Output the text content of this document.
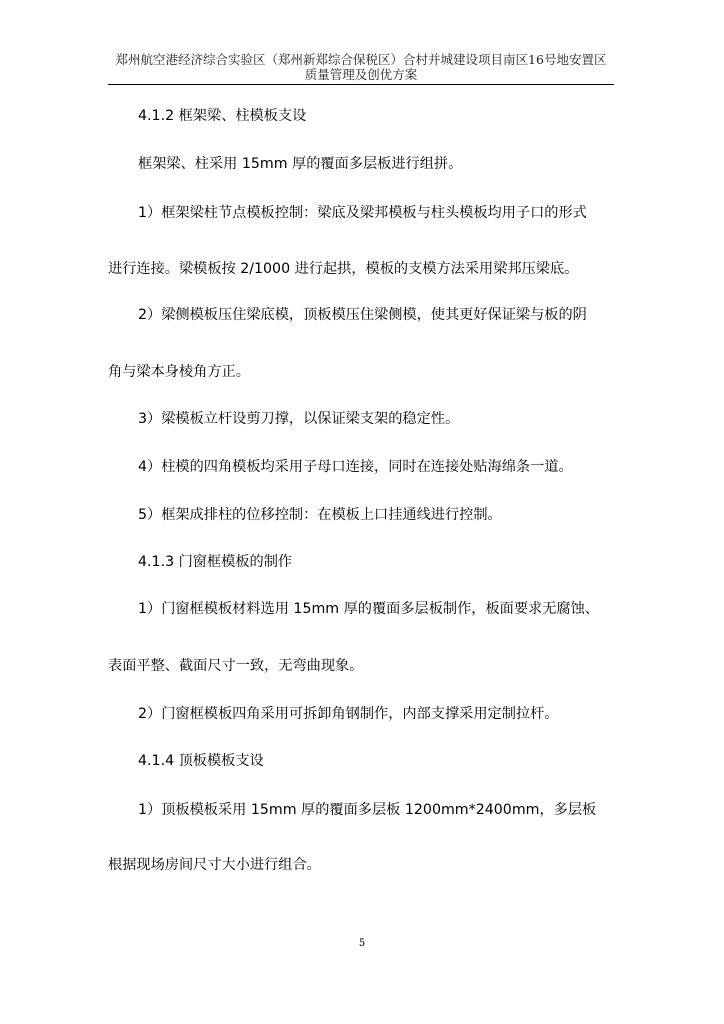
郑州航空港经济综合实验区（郑州新郑综合保税区）合村并城建设项目南区16号地安置区
质量管理及创优方案
4.1.2 框架梁、柱模板支设
框架梁、柱采用 15mm 厚的覆面多层板进行组拼。
1）框架梁柱节点模板控制：梁底及梁邦模板与柱头模板均用子口的形式
进行连接。梁模板按 2/1000 进行起拱，模板的支模方法采用梁邦压梁底。
2）梁侧模板压住梁底模，顶板模压住梁侧模，使其更好保证梁与板的阴
角与梁本身棱角方正。
3）梁模板立杆设剪刀撑，以保证梁支架的稳定性。
4）柱模的四角模板均采用子母口连接，同时在连接处贴海绵条一道。
5）框架成排柱的位移控制：在模板上口挂通线进行控制。
4.1.3 门窗框模板的制作
1）门窗框模板材料选用 15mm 厚的覆面多层板制作，板面要求无腐蚀、
表面平整、截面尺寸一致，无弯曲现象。
2）门窗框模板四角采用可拆卸角钢制作，内部支撑采用定制拉杆。
4.1.4 顶板模板支设
1）顶板模板采用 15mm 厚的覆面多层板 1200mm*2400mm，多层板
根据现场房间尺寸大小进行组合。
5
